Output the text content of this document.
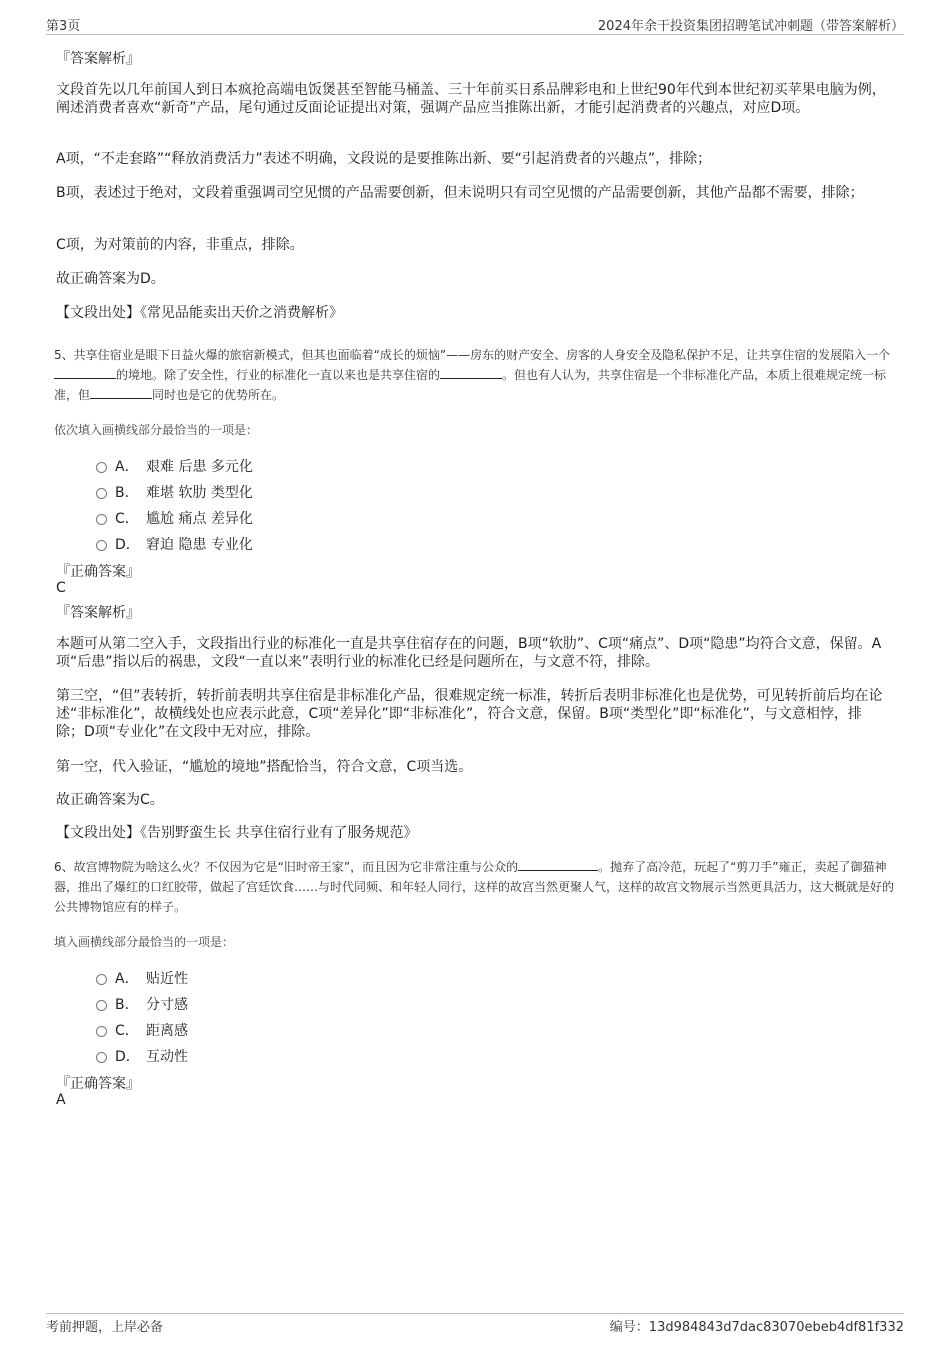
第3页	2024年余干投资集团招聘笔试冲刺题（带答案解析）
『答案解析』

文段首先以几年前国人到日本疯抢高端电饭煲甚至智能马桶盖、三十年前买日系品牌彩电和上世纪90年代到本世纪初买苹果电脑为例，阐述消费者喜欢“新奇”产品，尾句通过反面论证提出对策，强调产品应当推陈出新，才能引起消费者的兴趣点，对应D项。

A项，“不走套路”“释放消费活力”表述不明确，文段说的是要推陈出新、要“引起消费者的兴趣点”，排除；

B项，表述过于绝对，文段着重强调司空见惯的产品需要创新，但未说明只有司空见惯的产品需要创新，其他产品都不需要，排除；

C项，为对策前的内容，非重点，排除。

故正确答案为D。

【文段出处】《常见品能卖出天价之消费解析》

5、共享住宿业是眼下日益火爆的旅宿新模式，但其也面临着“成长的烦恼”——房东的财产安全、房客的人身安全及隐私保护不足，让共享住宿的发展陷入一个的境地。除了安全性，行业的标准化一直以来也是共享住宿的	。但也有人认为，共享住宿是一个非标准化产品，本质上很难规定统一标准，但	同时也是它的优势所在。
依次填入画横线部分最恰当的一项是：
A． 艰难 后患 多元化
B． 难堪 软肋 类型化
C． 尴尬 痛点 差异化
D． 窘迫 隐患 专业化
『正确答案』
C
『答案解析』

本题可从第二空入手，文段指出行业的标准化一直是共享住宿存在的问题，B项“软肋”、C项“痛点”、D项“隐患”均符合文意，保留。A项“后患”指以后的祸患，文段“一直以来”表明行业的标准化已经是问题所在，与文意不符，排除。

第三空，“但”表转折，转折前表明共享住宿是非标准化产品，很难规定统一标准，转折后表明非标准化也是优势，可见转折前后均在论述“非标准化”，故横线处也应表示此意，C项“差异化”即“非标准化”，符合文意，保留。B项“类型化”即“标准化”，与文意相悖，排除；D项“专业化”在文段中无对应，排除。

第一空，代入验证，“尴尬的境地”搭配恰当，符合文意，C项当选。

故正确答案为C。

【文段出处】《告别野蛮生长 共享住宿行业有了服务规范》

6、故宫博物院为啥这么火？不仅因为它是“旧时帝王家”，而且因为它非常注重与公众的	。抛弃了高冷范，玩起了“剪刀手”雍正，卖起了御猫神器，推出了爆红的口红胶带，做起了宫廷饮食……与时代同频、和年轻人同行，这样的故宫当然更聚人气，这样的故宫文物展示当然更具活力，这大概就是好的公共博物馆应有的样子。
填入画横线部分最恰当的一项是：
A． 贴近性
B． 分寸感
C． 距离感
D． 互动性
『正确答案』
A
考前押题，上岸必备	编号：13d984843d7dac83070ebeb4df81f332
